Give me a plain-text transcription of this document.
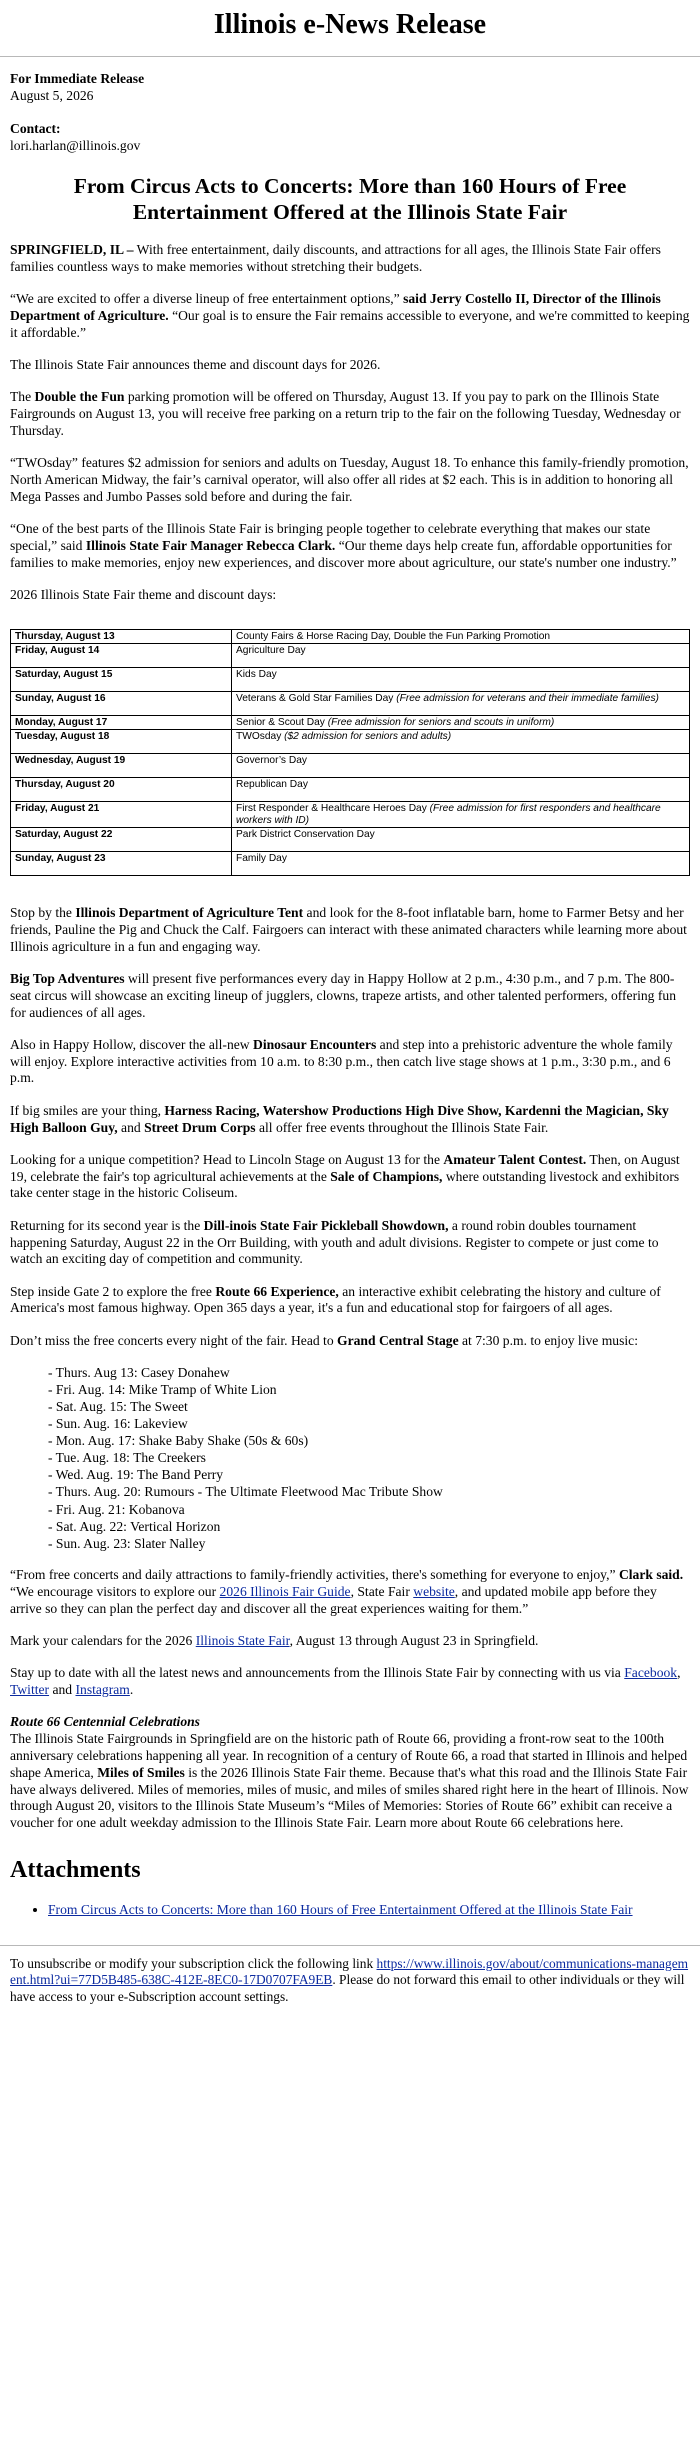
Illinois e-News Release

For Immediate Release

August 5, 2026

Contact:

lori.harlan@illinois.gov

From Circus Acts to Concerts: More than 160 Hours of Free Entertainment Offered at the Illinois State Fair

SPRINGFIELD, IL – With free entertainment, daily discounts, and attractions for all ages, the Illinois State Fair offers families countless ways to make memories without stretching their budgets.

“We are excited to offer a diverse lineup of free entertainment options,” said Jerry Costello II, Director of the Illinois Department of Agriculture. “Our goal is to ensure the Fair remains accessible to everyone, and we're committed to keeping it affordable.”

The Illinois State Fair announces theme and discount days for 2026.

The Double the Fun parking promotion will be offered on Thursday, August 13. If you pay to park on the Illinois State Fairgrounds on August 13, you will receive free parking on a return trip to the fair on the following Tuesday, Wednesday or Thursday.

“TWOsday” features $2 admission for seniors and adults on Tuesday, August 18. To enhance this family-friendly promotion, North American Midway, the fair’s carnival operator, will also offer all rides at $2 each. This is in addition to honoring all Mega Passes and Jumbo Passes sold before and during the fair.

“One of the best parts of the Illinois State Fair is bringing people together to celebrate everything that makes our state special,” said Illinois State Fair Manager Rebecca Clark. “Our theme days help create fun, affordable opportunities for families to make memories, enjoy new experiences, and discover more about agriculture, our state's number one industry.”

2026 Illinois State Fair theme and discount days:

Thursday, August 13	County Fairs & Horse Racing Day, Double the Fun Parking Promotion
Friday, August 14	Agriculture Day
Saturday, August 15	Kids Day
Sunday, August 16	Veterans & Gold Star Families Day (Free admission for veterans and their immediate families)
Monday, August 17	Senior & Scout Day (Free admission for seniors and scouts in uniform)
Tuesday, August 18	TWOsday ($2 admission for seniors and adults)
Wednesday, August 19	Governor’s Day
Thursday, August 20	Republican Day
Friday, August 21	First Responder & Healthcare Heroes Day (Free admission for first responders and healthcare workers with ID)
Saturday, August 22	Park District Conservation Day
Sunday, August 23	Family Day

Stop by the Illinois Department of Agriculture Tent and look for the 8-foot inflatable barn, home to Farmer Betsy and her friends, Pauline the Pig and Chuck the Calf. Fairgoers can interact with these animated characters while learning more about Illinois agriculture in a fun and engaging way.

Big Top Adventures will present five performances every day in Happy Hollow at 2 p.m., 4:30 p.m., and 7 p.m. The 800-seat circus will showcase an exciting lineup of jugglers, clowns, trapeze artists, and other talented performers, offering fun for audiences of all ages.

Also in Happy Hollow, discover the all-new Dinosaur Encounters and step into a prehistoric adventure the whole family will enjoy. Explore interactive activities from 10 a.m. to 8:30 p.m., then catch live stage shows at 1 p.m., 3:30 p.m., and 6 p.m.

If big smiles are your thing, Harness Racing, Watershow Productions High Dive Show, Kardenni the Magician, Sky High Balloon Guy, and Street Drum Corps all offer free events throughout the Illinois State Fair.

Looking for a unique competition? Head to Lincoln Stage on August 13 for the Amateur Talent Contest. Then, on August 19, celebrate the fair's top agricultural achievements at the Sale of Champions, where outstanding livestock and exhibitors take center stage in the historic Coliseum.

Returning for its second year is the Dill-inois State Fair Pickleball Showdown, a round robin doubles tournament happening Saturday, August 22 in the Orr Building, with youth and adult divisions. Register to compete or just come to watch an exciting day of competition and community.

Step inside Gate 2 to explore the free Route 66 Experience, an interactive exhibit celebrating the history and culture of America's most famous highway. Open 365 days a year, it's a fun and educational stop for fairgoers of all ages.

Don’t miss the free concerts every night of the fair. Head to Grand Central Stage at 7:30 p.m. to enjoy live music:

- Thurs. Aug 13: Casey Donahew
- Fri. Aug. 14: Mike Tramp of White Lion
- Sat. Aug. 15: The Sweet
- Sun. Aug. 16: Lakeview
- Mon. Aug. 17: Shake Baby Shake (50s & 60s)
- Tue. Aug. 18: The Creekers
- Wed. Aug. 19: The Band Perry
- Thurs. Aug. 20: Rumours - The Ultimate Fleetwood Mac Tribute Show
- Fri. Aug. 21: Kobanova
- Sat. Aug. 22: Vertical Horizon
- Sun. Aug. 23: Slater Nalley

“From free concerts and daily attractions to family-friendly activities, there's something for everyone to enjoy,” Clark said. “We encourage visitors to explore our 2026 Illinois Fair Guide, State Fair website, and updated mobile app before they arrive so they can plan the perfect day and discover all the great experiences waiting for them.”

Mark your calendars for the 2026 Illinois State Fair, August 13 through August 23 in Springfield.

Stay up to date with all the latest news and announcements from the Illinois State Fair by connecting with us via Facebook, Twitter and Instagram.

Route 66 Centennial Celebrations
The Illinois State Fairgrounds in Springfield are on the historic path of Route 66, providing a front-row seat to the 100th anniversary celebrations happening all year. In recognition of a century of Route 66, a road that started in Illinois and helped shape America, Miles of Smiles is the 2026 Illinois State Fair theme. Because that's what this road and the Illinois State Fair have always delivered. Miles of memories, miles of music, and miles of smiles shared right here in the heart of Illinois. Now through August 20, visitors to the Illinois State Museum’s “Miles of Memories: Stories of Route 66” exhibit can receive a voucher for one adult weekday admission to the Illinois State Fair. Learn more about Route 66 celebrations here.

Attachments
• From Circus Acts to Concerts: More than 160 Hours of Free Entertainment Offered at the Illinois State Fair
To unsubscribe or modify your subscription click the following link https://www.illinois.gov/about/communications-management.html?ui=77D5B485-638C-412E-8EC0-17D0707FA9EB. Please do not forward this email to other individuals or they will have access to your e-Subscription account settings.
